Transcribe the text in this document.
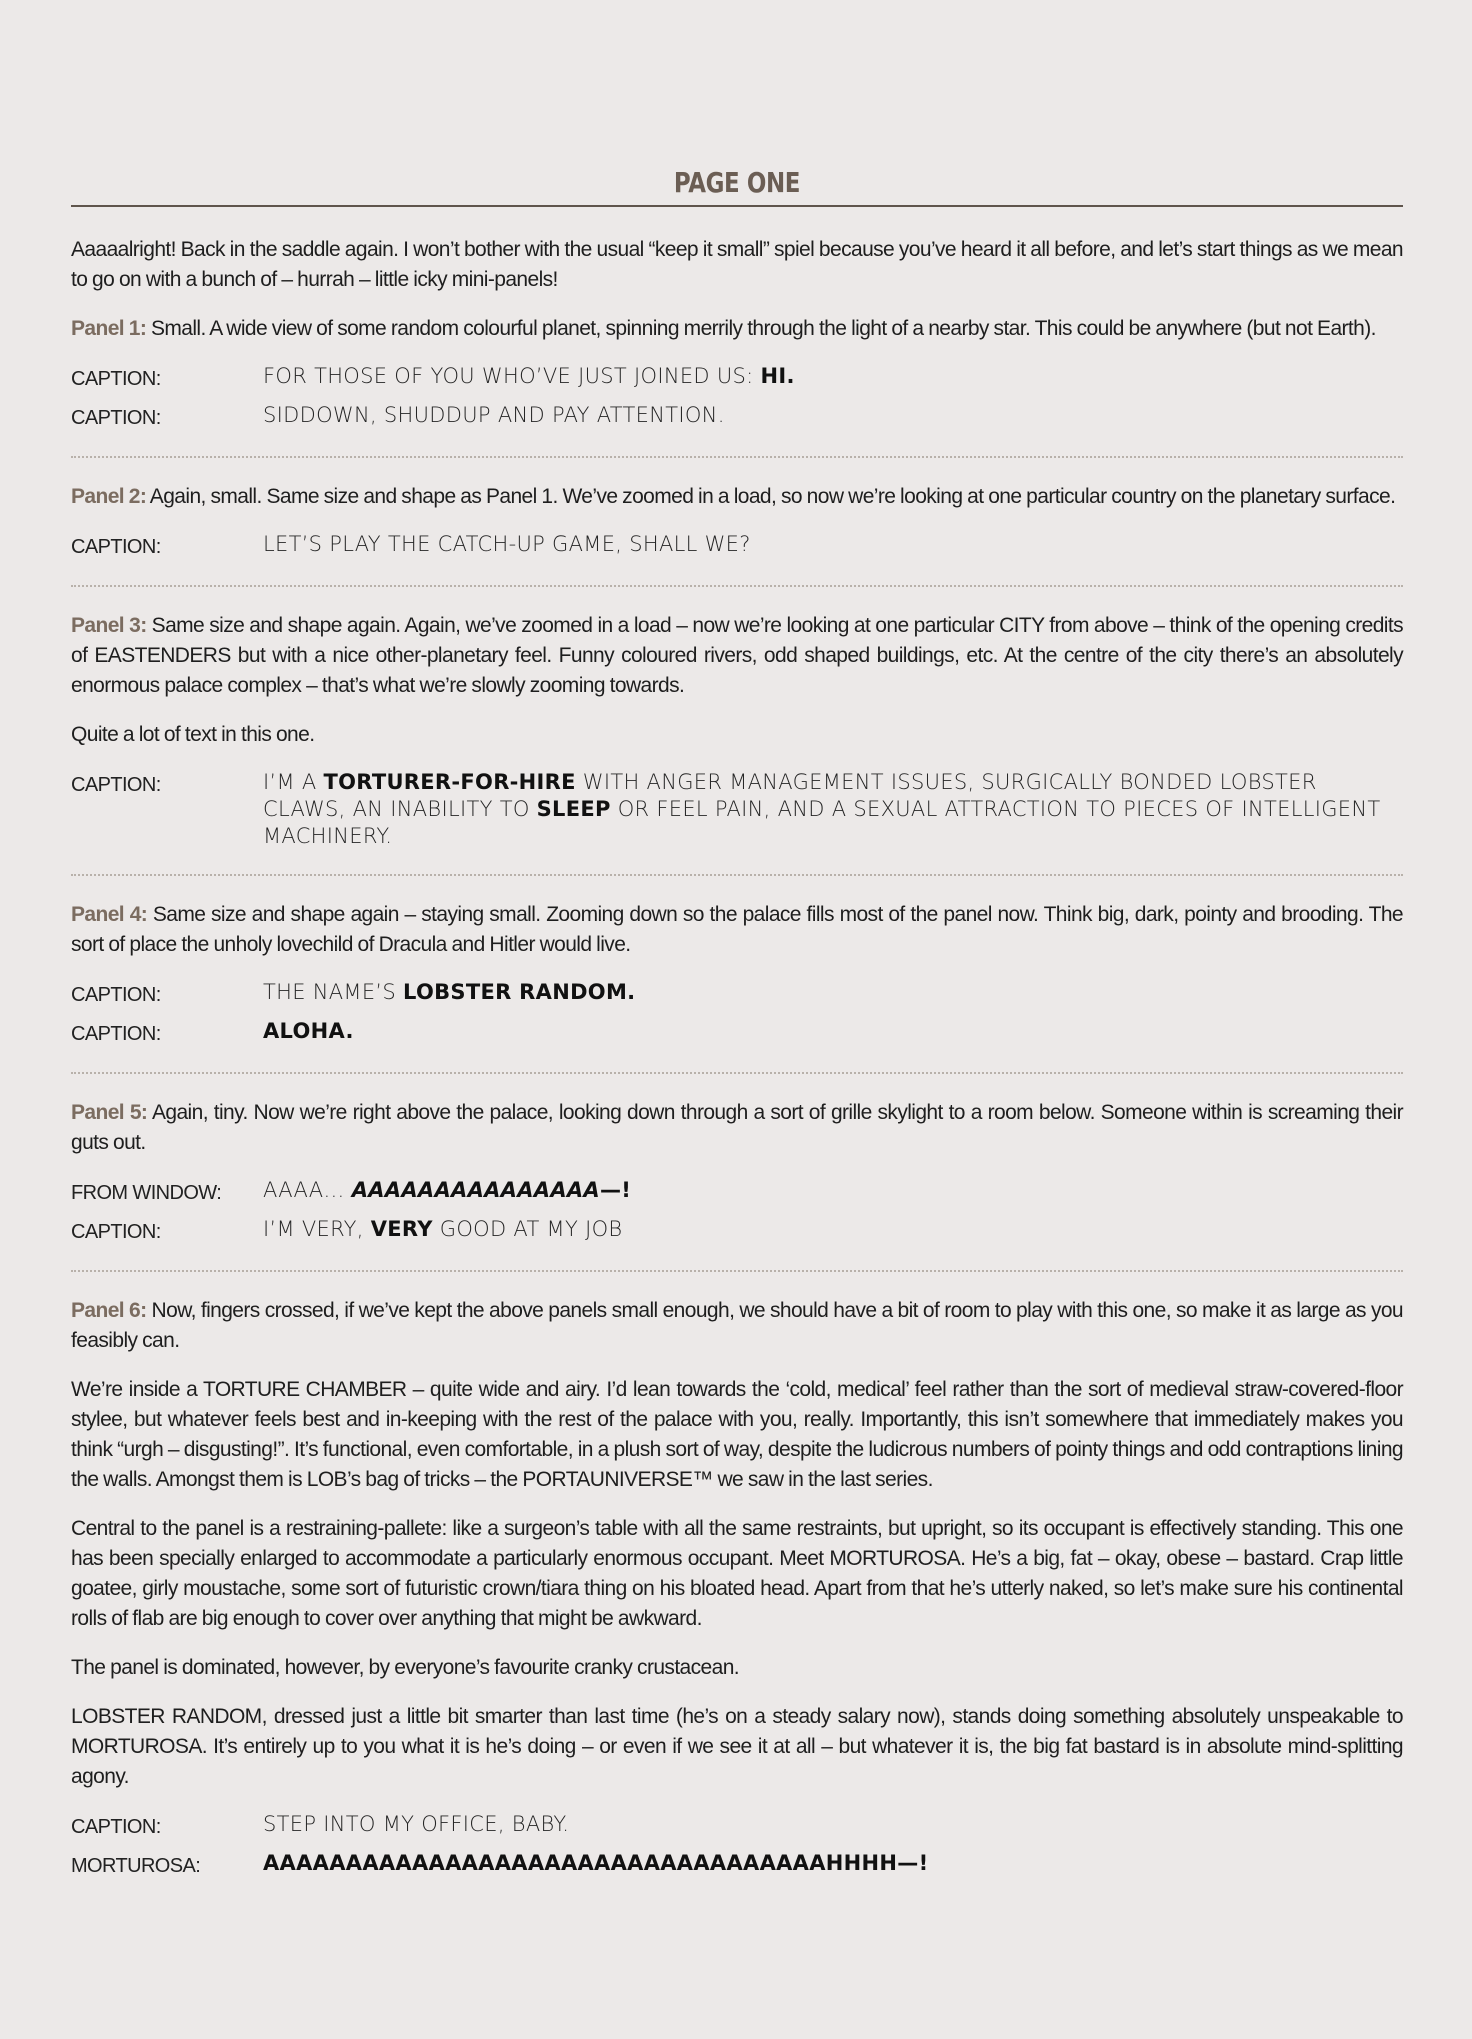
PAGE ONE

Aaaaalright! Back in the saddle again. I won’t bother with the usual “keep it small” spiel because you’ve heard it all before, and let’s start things as we mean to go on with a bunch of – hurrah – little icky mini-panels!

Panel 1: Small. A wide view of some random colourful planet, spinning merrily through the light of a nearby star. This could be anywhere (but not Earth).

CAPTION:	FOR THOSE OF YOU WHO’VE JUST JOINED US: HI.
CAPTION:	SIDDOWN, SHUDDUP AND PAY ATTENTION.

Panel 2: Again, small. Same size and shape as Panel 1. We’ve zoomed in a load, so now we’re looking at one particular country on the planetary surface.

CAPTION:	LET’S PLAY THE CATCH-UP GAME, SHALL WE?

Panel 3: Same size and shape again. Again, we’ve zoomed in a load – now we’re looking at one particular CITY from above – think of the opening credits of EASTENDERS but with a nice other-planetary feel. Funny coloured rivers, odd shaped buildings, etc. At the centre of the city there’s an absolutely enormous palace complex – that’s what we’re slowly zooming towards.

Quite a lot of text in this one.

CAPTION:	I’M A TORTURER-FOR-HIRE WITH ANGER MANAGEMENT ISSUES, SURGICALLY BONDED LOBSTER CLAWS, AN INABILITY TO SLEEP OR FEEL PAIN, AND A SEXUAL ATTRACTION TO PIECES OF INTELLIGENT MACHINERY.

Panel 4: Same size and shape again – staying small. Zooming down so the palace fills most of the panel now. Think big, dark, pointy and brooding. The sort of place the unholy lovechild of Dracula and Hitler would live.

CAPTION:	THE NAME’S LOBSTER RANDOM.
CAPTION:	ALOHA.

Panel 5: Again, tiny. Now we’re right above the palace, looking down through a sort of grille skylight to a room below. Someone within is screaming their guts out.

FROM WINDOW:	AAAA… AAAAAAAAAAAAAAA—!
CAPTION:	I’M VERY, VERY GOOD AT MY JOB

Panel 6: Now, fingers crossed, if we’ve kept the above panels small enough, we should have a bit of room to play with this one, so make it as large as you feasibly can.

We’re inside a TORTURE CHAMBER – quite wide and airy. I’d lean towards the ‘cold, medical’ feel rather than the sort of medieval straw-covered-floor stylee, but whatever feels best and in-keeping with the rest of the palace with you, really. Importantly, this isn’t somewhere that immediately makes you think “urgh – disgusting!”. It’s functional, even comfortable, in a plush sort of way, despite the ludicrous numbers of pointy things and odd contraptions lining the walls. Amongst them is LOB’s bag of tricks – the PORTAUNIVERSE™ we saw in the last series.

Central to the panel is a restraining-pallete: like a surgeon’s table with all the same restraints, but upright, so its occupant is effectively standing. This one has been specially enlarged to accommodate a particularly enormous occupant. Meet MORTUROSA. He’s a big, fat – okay, obese – bastard. Crap little goatee, girly moustache, some sort of futuristic crown/tiara thing on his bloated head. Apart from that he’s utterly naked, so let’s make sure his continental rolls of flab are big enough to cover over anything that might be awkward.

The panel is dominated, however, by everyone’s favourite cranky crustacean.

LOBSTER RANDOM, dressed just a little bit smarter than last time (he’s on a steady salary now), stands doing something absolutely unspeakable to MORTUROSA. It’s entirely up to you what it is he’s doing – or even if we see it at all – but whatever it is, the big fat bastard is in absolute mind-splitting agony.

CAPTION:	STEP INTO MY OFFICE, BABY.
MORTUROSA:	AAAAAAAAAAAAAAAAAAAAAAAAAAAAAAAAAAHHHH—!
